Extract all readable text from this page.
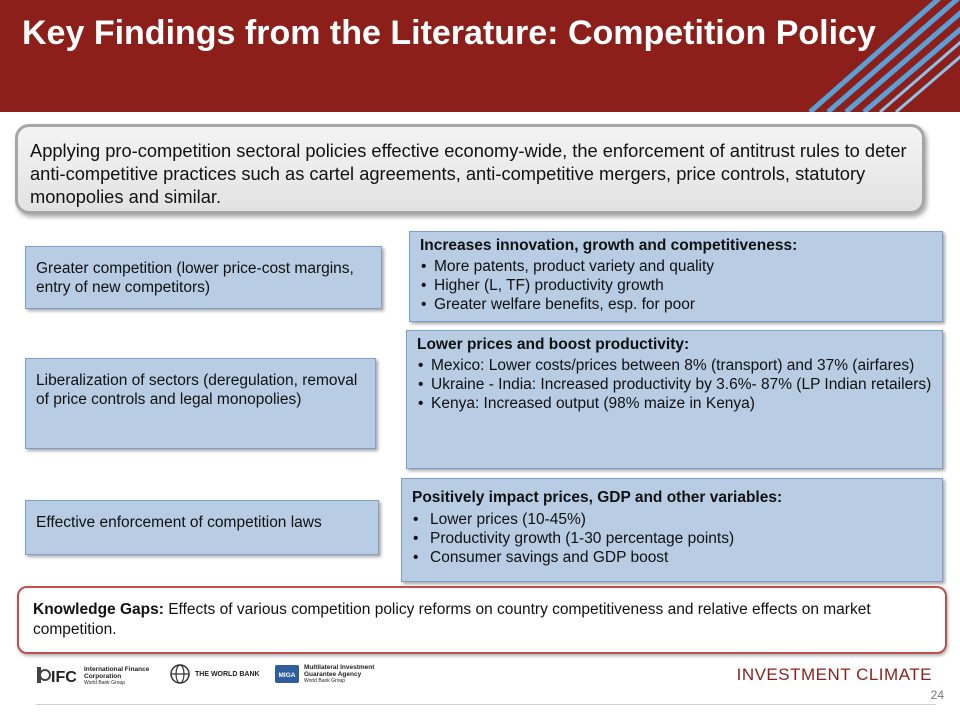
Key Findings from the Literature: Competition Policy
Applying pro-competition sectoral policies effective economy-wide, the enforcement of antitrust rules to deter anti-competitive practices such as cartel agreements, anti-competitive mergers, price controls, statutory monopolies and similar.
Greater competition (lower price-cost margins, entry of new competitors)
Liberalization of sectors (deregulation, removal of price controls and legal monopolies)
Effective enforcement of competition laws
Increases innovation, growth and competitiveness:
• More patents, product variety and quality
• Higher (L, TF) productivity growth
• Greater welfare benefits, esp. for poor
Lower prices and boost productivity:
• Mexico: Lower costs/prices between 8% (transport) and 37% (airfares)
• Ukraine - India: Increased productivity by 3.6%- 87% (LP Indian retailers)
• Kenya: Increased output (98% maize in Kenya)
Positively impact prices, GDP and other variables:
• Lower prices (10-45%)
• Productivity growth (1-30 percentage points)
• Consumer savings and GDP boost
Knowledge Gaps: Effects of various competition policy reforms on country competitiveness and relative effects on market competition.
IFC International Finance Corporation
World Bank Group
THE WORLD BANK	MIGA
Multilateral Investment Guarantee Agency
World Bank Group	INVESTMENT CLIMATE
24
